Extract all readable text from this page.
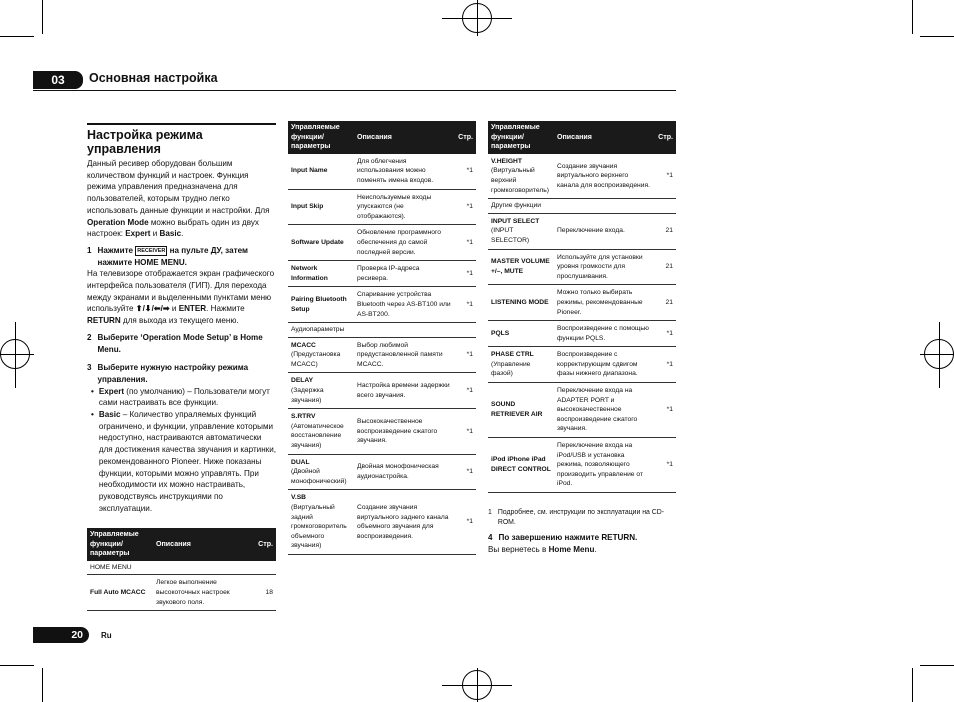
03	Основная настройка
Настройка режима управления

Данный ресивер оборудован большим количеством функций и настроек. Функция режима управления предназначена для пользователей, которым трудно легко использовать данные функции и настройки. Для Operation Mode можно выбрать один из двух настроек: Expert и Basic.

1 Нажмите RECEIVER на пульте ДУ, затем нажмите HOME MENU.

На телевизоре отображается экран графического интерфейса пользователя (ГИП). Для перехода между экранами и выделенными пунктами меню используйте ⬆/⬇/⬅/➡ и ENTER. Нажмите RETURN для выхода из текущего меню.

2 Выберите ‘Operation Mode Setup’ в Home Menu.
3 Выберите нужную настройку режима управления.
• Expert (по умолчанию) – Пользователи могут сами настраивать все функции.
• Basic – Количество упраляемых функций ограничено, и функции, управление которыми недоступно, настраиваются автоматически для достижения качества звучания и картинки, рекомендованного Pioneer. Ниже показаны функции, которыми можно управлять. При необходимости их можно настраивать, руководствуясь инструкциями по эксплуатации.
Управляемые функции/ параметры	Описания	Стр.
HOME MENU		

Full Auto MCACC	Легкое выполнение высокоточных настроек звукового поля.	18
Управляемые функции/ параметры	Описания	Стр.

Input Name	Для облегчения использования можно поменять имена входов.	*1

Input Skip	Неиспользуемые входы упускаются (не отображаются).	*1

Software Update	Обновление программного обеспечения до самой последней версии.	*1

Network Information	Проверка IP-адреса ресивера.	*1

Pairing Bluetooth Setup	Спаривание устройства Bluetooth через AS-BT100 или AS-BT200.	*1
Аудиопараметры		

MCACC
(Предустановка MCACC)	Выбор любимой предустановленной памяти MCACC.	*1

DELAY
(Задержка звучания)	Настройка времени задержки всего звучания.	*1

S.RTRV
(Автоматическое восстановление звучания)	Высококачественное воспроизведение сжатого звучания.	*1

DUAL
(Двойной монофонический)	Двойная монофоническая аудионастройка.	*1

V.SB
(Виртуальный задний громкоговоритель объемного звучания)	Создание звучания виртуального заднего канала объемного звучания для воспроизведения.	*1
Управляемые функции/ параметры	Описания	Стр.

V.HEIGHT
(Виртуальный верхний громкоговоритель)	Создание звучания виртуального верхнего канала для воспроизведения.	*1
Другие функции		

INPUT SELECT
(INPUT SELECTOR)	Переключение входа.	21

MASTER VOLUME +/–, MUTE	Используйте для установки уровня громкости для прослушивания.	21

LISTENING MODE	Можно только выбирать режимы, рекомендованные Pioneer.	21

PQLS	Воспроизведение с помощью функции PQLS.	*1

PHASE CTRL
(Управление фазой)	Воспроизведение с корректирующим сдвигом фазы нижнего диапазона.	*1

SOUND RETRIEVER AIR	Переключение входа на ADAPTER PORT и высококачественное воспроизведение сжатого звучания.	*1

iPod iPhone iPad DIRECT CONTROL	Переключение входа на iPod/USB и установка режима, позволяющего производить управление от iPod.	*1
1 Подробнее, см. инструкции по эксплуатации на CD-ROM.
4 По завершению нажмите RETURN.
Вы вернетесь в Home Menu.
20	Ru
